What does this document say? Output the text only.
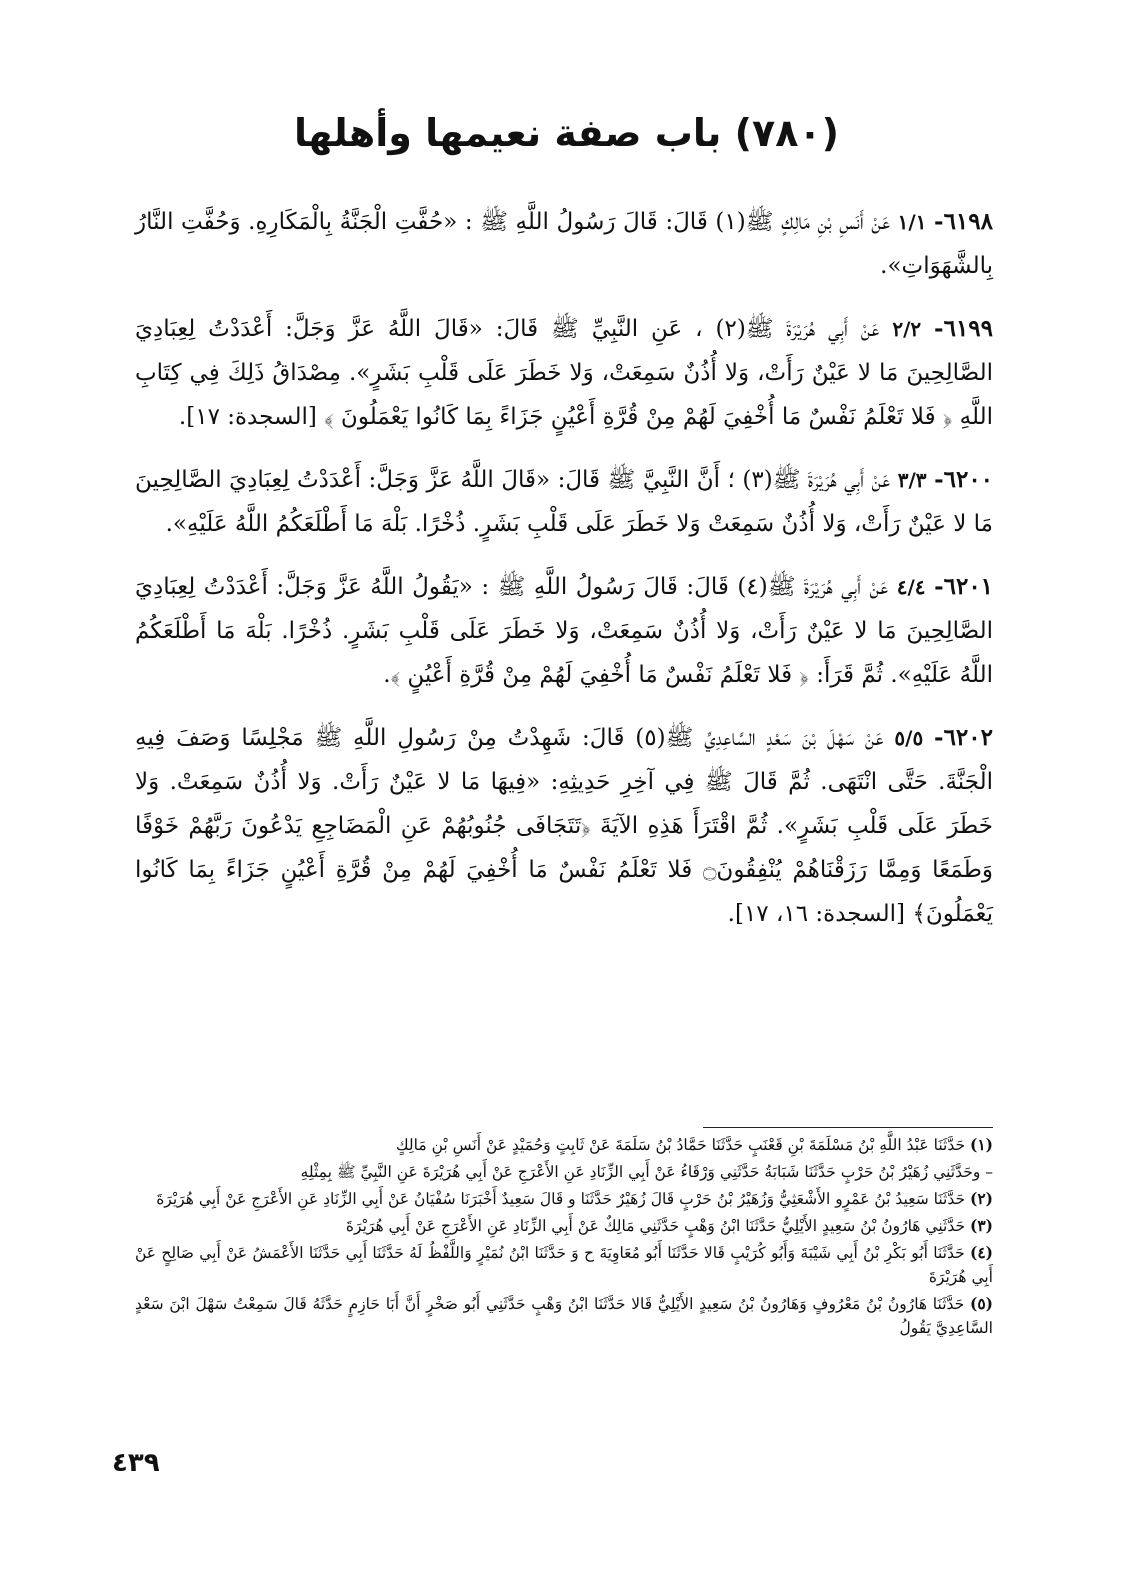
(٧٨٠) باب صفة نعيمها وأهلها

٦١٩٨- ١/١ عَنْ أَنَسِ بْنِ مَالِكٍ ﷺ(١) قَالَ: قَالَ رَسُولُ اللَّهِ ﷺ : «حُفَّتِ الْجَنَّةُ بِالْمَكَارِهِ. وَحُفَّتِ النَّارُ بِالشَّهَوَاتِ».

٦١٩٩- ٢/٢ عَنْ أَبِي هُرَيْرَةَ ﷺ(٢) ، عَنِ النَّبِيِّ ﷺ قَالَ: «قَالَ اللَّهُ عَزَّ وَجَلَّ: أَعْدَدْتُ لِعِبَادِيَ الصَّالِحِينَ مَا لا عَيْنٌ رَأَتْ، وَلا أُذُنٌ سَمِعَتْ، وَلا خَطَرَ عَلَى قَلْبِ بَشَرٍ». مِصْدَاقُ ذَلِكَ فِي كِتَابِ اللَّهِ ﴿ فَلا تَعْلَمُ نَفْسٌ مَا أُخْفِيَ لَهُمْ مِنْ قُرَّةِ أَعْيُنٍ جَزَاءً بِمَا كَانُوا يَعْمَلُونَ ﴾ [السجدة: ١٧].

٦٢٠٠- ٣/٣ عَنْ أَبِي هُرَيْرَةَ ﷺ(٣) ؛ أَنَّ النَّبِيَّ ﷺ قَالَ: «قَالَ اللَّهُ عَزَّ وَجَلَّ: أَعْدَدْتُ لِعِبَادِيَ الصَّالِحِينَ مَا لا عَيْنٌ رَأَتْ، وَلا أُذُنٌ سَمِعَتْ وَلا خَطَرَ عَلَى قَلْبِ بَشَرٍ. ذُخْرًا. بَلْهَ مَا أَطْلَعَكُمُ اللَّهُ عَلَيْهِ».

٦٢٠١- ٤/٤ عَنْ أَبِي هُرَيْرَةَ ﷺ(٤) قَالَ: قَالَ رَسُولُ اللَّهِ ﷺ : «يَقُولُ اللَّهُ عَزَّ وَجَلَّ: أَعْدَدْتُ لِعِبَادِيَ الصَّالِحِينَ مَا لا عَيْنٌ رَأَتْ، وَلا أُذُنٌ سَمِعَتْ، وَلا خَطَرَ عَلَى قَلْبِ بَشَرٍ. ذُخْرًا. بَلْهَ مَا أَطْلَعَكُمُ اللَّهُ عَلَيْهِ». ثُمَّ قَرَأَ: ﴿ فَلا تَعْلَمُ نَفْسٌ مَا أُخْفِيَ لَهُمْ مِنْ قُرَّةِ أَعْيُنٍ ﴾.

٦٢٠٢- ٥/٥ عَنْ سَهْلَ بْنَ سَعْدٍ السَّاعِدِيِّ ﷺ(٥) قَالَ: شَهِدْتُ مِنْ رَسُولِ اللَّهِ ﷺ مَجْلِسًا وَصَفَ فِيهِ الْجَنَّةَ. حَتَّى انْتَهَى. ثُمَّ قَالَ ﷺ فِي آخِرِ حَدِيثِهِ: «فِيهَا مَا لا عَيْنٌ رَأَتْ. وَلا أُذُنٌ سَمِعَتْ. وَلا خَطَرَ عَلَى قَلْبِ بَشَرٍ». ثُمَّ اقْتَرَأَ هَذِهِ الآيَةَ ﴿تَتَجَافَى جُنُوبُهُمْ عَنِ الْمَضَاجِعِ يَدْعُونَ رَبَّهُمْ خَوْفًا وَطَمَعًا وَمِمَّا رَزَقْنَاهُمْ يُنْفِقُونَ۝ فَلا تَعْلَمُ نَفْسٌ مَا أُخْفِيَ لَهُمْ مِنْ قُرَّةِ أَعْيُنٍ جَزَاءً بِمَا كَانُوا يَعْمَلُونَ﴾ [السجدة: ١٦، ١٧].

(١) حَدَّثَنَا عَبْدُ اللَّهِ بْنُ مَسْلَمَةَ بْنِ قَعْنَبٍ حَدَّثَنَا حَمَّادُ بْنُ سَلَمَةَ عَنْ ثَابِتٍ وَحُمَيْدٍ عَنْ أَنَسِ بْنِ مَالِكٍ

– وحَدَّثَنِي زُهَيْرُ بْنُ حَرْبٍ حَدَّثَنَا شَبَابَةُ حَدَّثَنِي وَرْقَاءُ عَنْ أَبِي الزِّنَادِ عَنِ الأَعْرَجِ عَنْ أَبِي هُرَيْرَةَ عَنِ النَّبِيِّ ﷺ بِمِثْلِهِ

(٢) حَدَّثَنَا سَعِيدُ بْنُ عَمْرٍو الأَشْعَثِيُّ وَزُهَيْرُ بْنُ حَرْبٍ قَالَ زُهَيْرٌ حَدَّثَنَا و قَالَ سَعِيدٌ أَخْبَرَنَا سُفْيَانُ عَنْ أَبِي الزِّنَادِ عَنِ الأَعْرَجِ عَنْ أَبِي هُرَيْرَةَ

(٣) حَدَّثَنِي هَارُونُ بْنُ سَعِيدٍ الأَيْلِيُّ حَدَّثَنَا ابْنُ وَهْبٍ حَدَّثَنِي مَالِكٌ عَنْ أَبِي الزِّنَادِ عَنِ الأَعْرَجِ عَنْ أَبِي هُرَيْرَةَ

(٤) حَدَّثَنَا أَبُو بَكْرِ بْنُ أَبِي شَيْبَةَ وَأَبُو كُرَيْبٍ قَالا حَدَّثَنَا أَبُو مُعَاوِيَةَ ح وَ حَدَّثَنَا ابْنُ نُمَيْرٍ وَاللَّفْظُ لَهُ حَدَّثَنَا أَبِي حَدَّثَنَا الأَعْمَشُ عَنْ أَبِي صَالِحٍ عَنْ أَبِي هُرَيْرَةَ

(٥) حَدَّثَنَا هَارُونُ بْنُ مَعْرُوفٍ وَهَارُونُ بْنُ سَعِيدٍ الأَيْلِيُّ قَالا حَدَّثَنَا ابْنُ وَهْبٍ حَدَّثَنِي أَبُو صَخْرٍ أَنَّ أَبَا حَازِمٍ حَدَّثَهُ قَالَ سَمِعْتُ سَهْلَ ابْنَ سَعْدٍ السَّاعِدِيَّ يَقُولُ

٤٣٩
